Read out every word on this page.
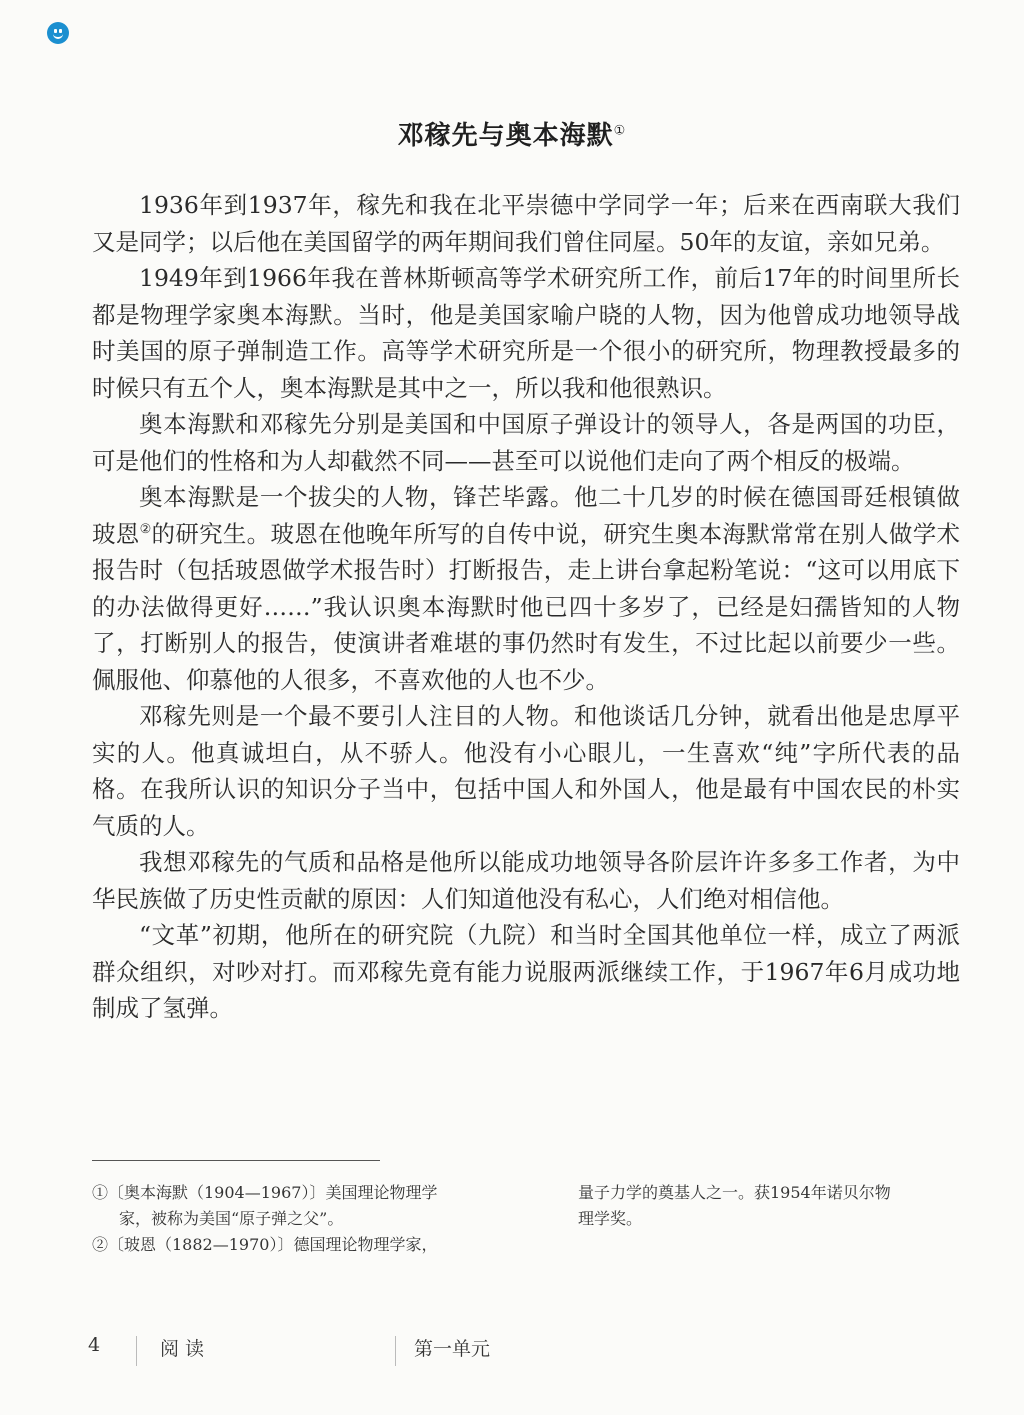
邓稼先与奥本海默①

1936年到1937年，稼先和我在北平崇德中学同学一年；后来在西南联大我们又是同学；以后他在美国留学的两年期间我们曾住同屋。50年的友谊，亲如兄弟。

1949年到1966年我在普林斯顿高等学术研究所工作，前后17年的时间里所长都是物理学家奥本海默。当时，他是美国家喻户晓的人物，因为他曾成功地领导战时美国的原子弹制造工作。高等学术研究所是一个很小的研究所，物理教授最多的时候只有五个人，奥本海默是其中之一，所以我和他很熟识。

奥本海默和邓稼先分别是美国和中国原子弹设计的领导人，各是两国的功臣，可是他们的性格和为人却截然不同——甚至可以说他们走向了两个相反的极端。

奥本海默是一个拔尖的人物，锋芒毕露。他二十几岁的时候在德国哥廷根镇做玻恩②的研究生。玻恩在他晚年所写的自传中说，研究生奥本海默常常在别人做学术报告时（包括玻恩做学术报告时）打断报告，走上讲台拿起粉笔说：“这可以用底下的办法做得更好……”我认识奥本海默时他已四十多岁了，已经是妇孺皆知的人物了，打断别人的报告，使演讲者难堪的事仍然时有发生，不过比起以前要少一些。佩服他、仰慕他的人很多，不喜欢他的人也不少。

邓稼先则是一个最不要引人注目的人物。和他谈话几分钟，就看出他是忠厚平实的人。他真诚坦白，从不骄人。他没有小心眼儿，一生喜欢“纯”字所代表的品格。在我所认识的知识分子当中，包括中国人和外国人，他是最有中国农民的朴实气质的人。

我想邓稼先的气质和品格是他所以能成功地领导各阶层许许多多工作者，为中华民族做了历史性贡献的原因：人们知道他没有私心，人们绝对相信他。

“文革”初期，他所在的研究院（九院）和当时全国其他单位一样，成立了两派群众组织，对吵对打。而邓稼先竟有能力说服两派继续工作，于1967年6月成功地制成了氢弹。

①〔奥本海默（1904—1967）〕美国理论物理学
家，被称为美国“原子弹之父”。
②〔玻恩（1882—1970）〕德国理论物理学家，
量子力学的奠基人之一。获1954年诺贝尔物
理学奖。
4	阅读	第一单元
